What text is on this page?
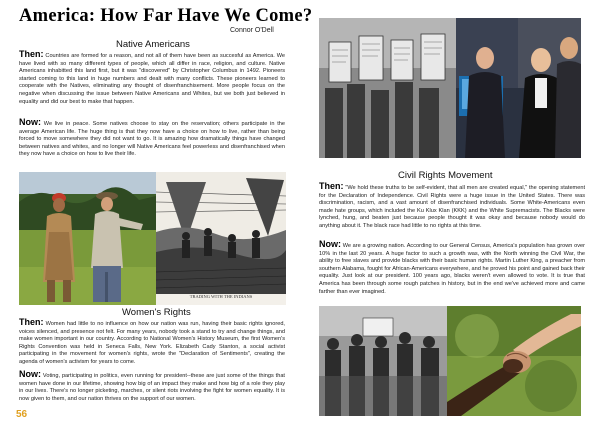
America: How Far Have We Come?
Connor O'Dell
Native Americans

Then: Countries are formed for a reason, and not all of them have been as succesful as America. We have lived with so many different types of people, which all differ in race, religion, and culture. Native Americans inhabitted this land first, but it was "discovered" by Christopher Columbus in 1492. Pioneers started coming to this land in huge numbers and dealt with many conflicts. These pioneers learned to cooperate with the Natives, eliminating any thought of disenfranchisement. More people focus on the negative when discussing the issue between Native Americans and Whites, but we both just believed in equality and did our best to make that happen.

Now: We live in peace. Some natives choose to stay on the reservation; others participate in the average American life. The huge thing is that they now have a choice on how to live, rather than being forced to move somewhere they did not want to go. It is amazing how dramatically things have changed between natives and whites, and no longer will Native Americans feel powerless and disenfranchised when they now have a choice on how to live their life.

TRADING WITH THE INDIANS
Women's Rights

Then: Women had little to no influence on how our nation was run, having their basic rights ignored, voices silenced, and presence not felt. For many years, nobody took a stand to try and change things, and make women important in our country. According to National Women's History Museum, the first Women's Rights Convention was held in Seneca Falls, New York. Elizabeth Cady Stanton, a social activist participating in the movement for women's rights, wrote the "Declaration of Sentiments", creating the agenda of women's activism for years to come.

Now: Voting, participating in politics, even running for president--these are just some of the things that women have done in our lifetime, showing how big of an impact they make and how big of a role they play in our lives. There's no longer picketing, marches, or silent riots involving the fight for women equality. It is now given to them, and our nation thrives on the support of our women.

56
Civil Rights Movement

Then: "We hold these truths to be self-evident, that all men are created equal," the opening statement for the Declaration of Independence. Civil Rights were a huge issue in the United States. There was discrimination, racism, and a vast amount of disenfranchised individuals. Some White-Americans even made hate groups, which included the Ku Klux Klan (KKK) and the White Supremacists. The Blacks were lynched, hung, and beaten just because people thought it was okay and because nobody would do anything about it. The black race had little to no rights at this time.

Now: We are a growing nation. According to our General Census, America's population has grown over 10% in the last 20 years. A huge factor to such a growth was, with the North winning the Civil War, the ability to free slaves and provide blacks with their basic human rights. Martin Luther King, a preacher from southern Alabama, fought for African-Americans everywhere, and he proved his point and gained back their equality. Just look at our president. 100 years ago, blacks weren't even allowed to vote. It is true that America has been through some rough patches in history, but in the end we've achieved more and came farther than ever imagined.
